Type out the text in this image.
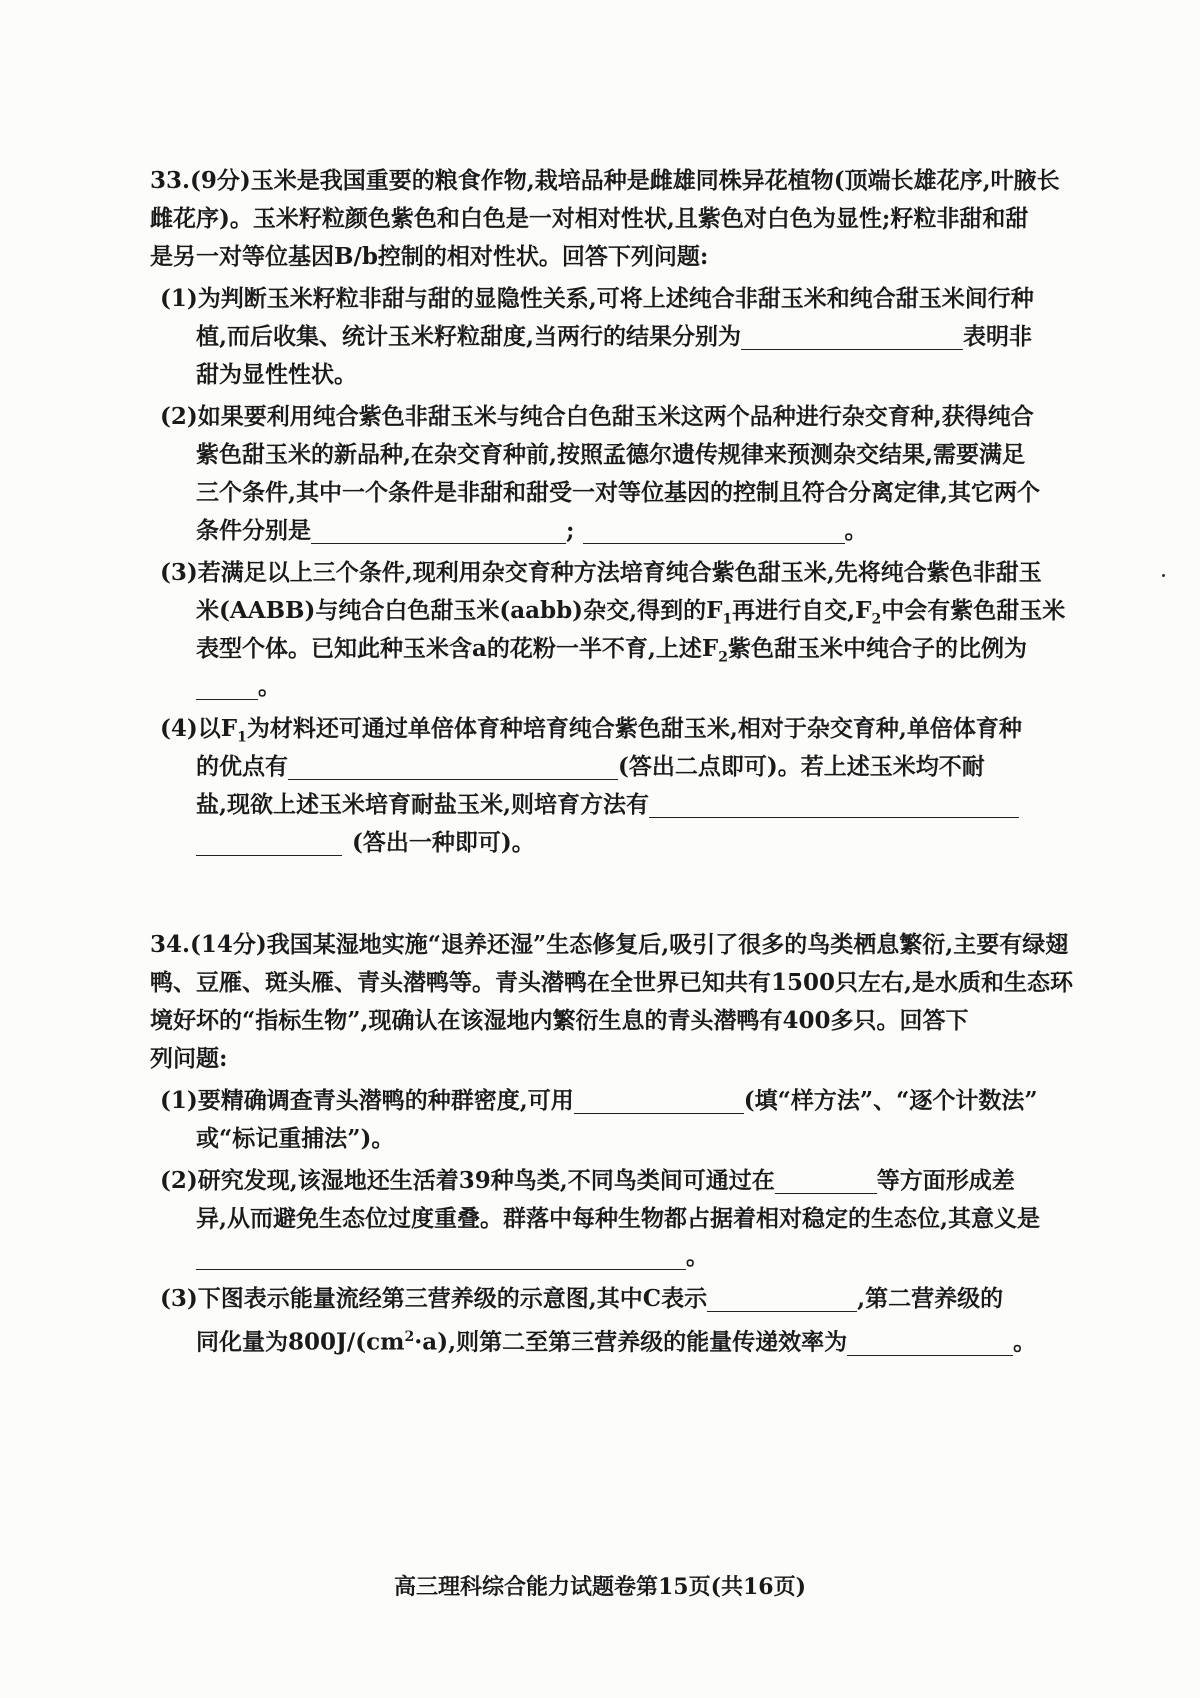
33.(9分)玉米是我国重要的粮食作物,栽培品种是雌雄同株异花植物(顶端长雄花序,叶腋长
雌花序)。玉米籽粒颜色紫色和白色是一对相对性状,且紫色对白色为显性;籽粒非甜和甜
是另一对等位基因B/b控制的相对性状。回答下列问题:
(1)为判断玉米籽粒非甜与甜的显隐性关系,可将上述纯合非甜玉米和纯合甜玉米间行种
植,而后收集、统计玉米籽粒甜度,当两行的结果分别为	表明非
甜为显性性状。
(2)如果要利用纯合紫色非甜玉米与纯合白色甜玉米这两个品种进行杂交育种,获得纯合
紫色甜玉米的新品种,在杂交育种前,按照孟德尔遗传规律来预测杂交结果,需要满足
三个条件,其中一个条件是非甜和甜受一对等位基因的控制且符合分离定律,其它两个
条件分别是	;	。
(3)若满足以上三个条件,现利用杂交育种方法培育纯合紫色甜玉米,先将纯合紫色非甜玉
米(AABB)与纯合白色甜玉米(aabb)杂交,得到的$F_1$再进行自交$,F_2$中会有紫色甜玉米
表型个体。已知此种玉米含a的花粉一半不育,上述$F_2$紫色甜玉米中纯合子的比例为
。
(4)以$F_1$为材料还可通过单倍体育种培育纯合紫色甜玉米,相对于杂交育种,单倍体育种
的优点有	(答出二点即可)。若上述玉米均不耐
盐,现欲上述玉米培育耐盐玉米,则培育方法有
(答出一种即可)。
34.(14分)我国某湿地实施“退养还湿”生态修复后,吸引了很多的鸟类栖息繁衍,主要有绿翅
鸭、豆雁、斑头雁、青头潜鸭等。青头潜鸭在全世界已知共有1500只左右,是水质和生态环
境好坏的“指标生物”,现确认在该湿地内繁衍生息的青头潜鸭有400多只。回答下
列问题:
(1)要精确调查青头潜鸭的种群密度,可用	(填“样方法”、“逐个计数法”
或“标记重捕法”)。
(2)研究发现,该湿地还生活着39种鸟类,不同鸟类间可通过在	等方面形成差
异,从而避免生态位过度重叠。群落中每种生物都占据着相对稳定的生态位,其意义是
。
(3)下图表示能量流经第三营养级的示意图,其中C表示	,第二营养级的
同化量为$800J/(cm^2\cdot a)$,则第二至第三营养级的能量传递效率为	。
高三理科综合能力试题卷第15页(共16页)
